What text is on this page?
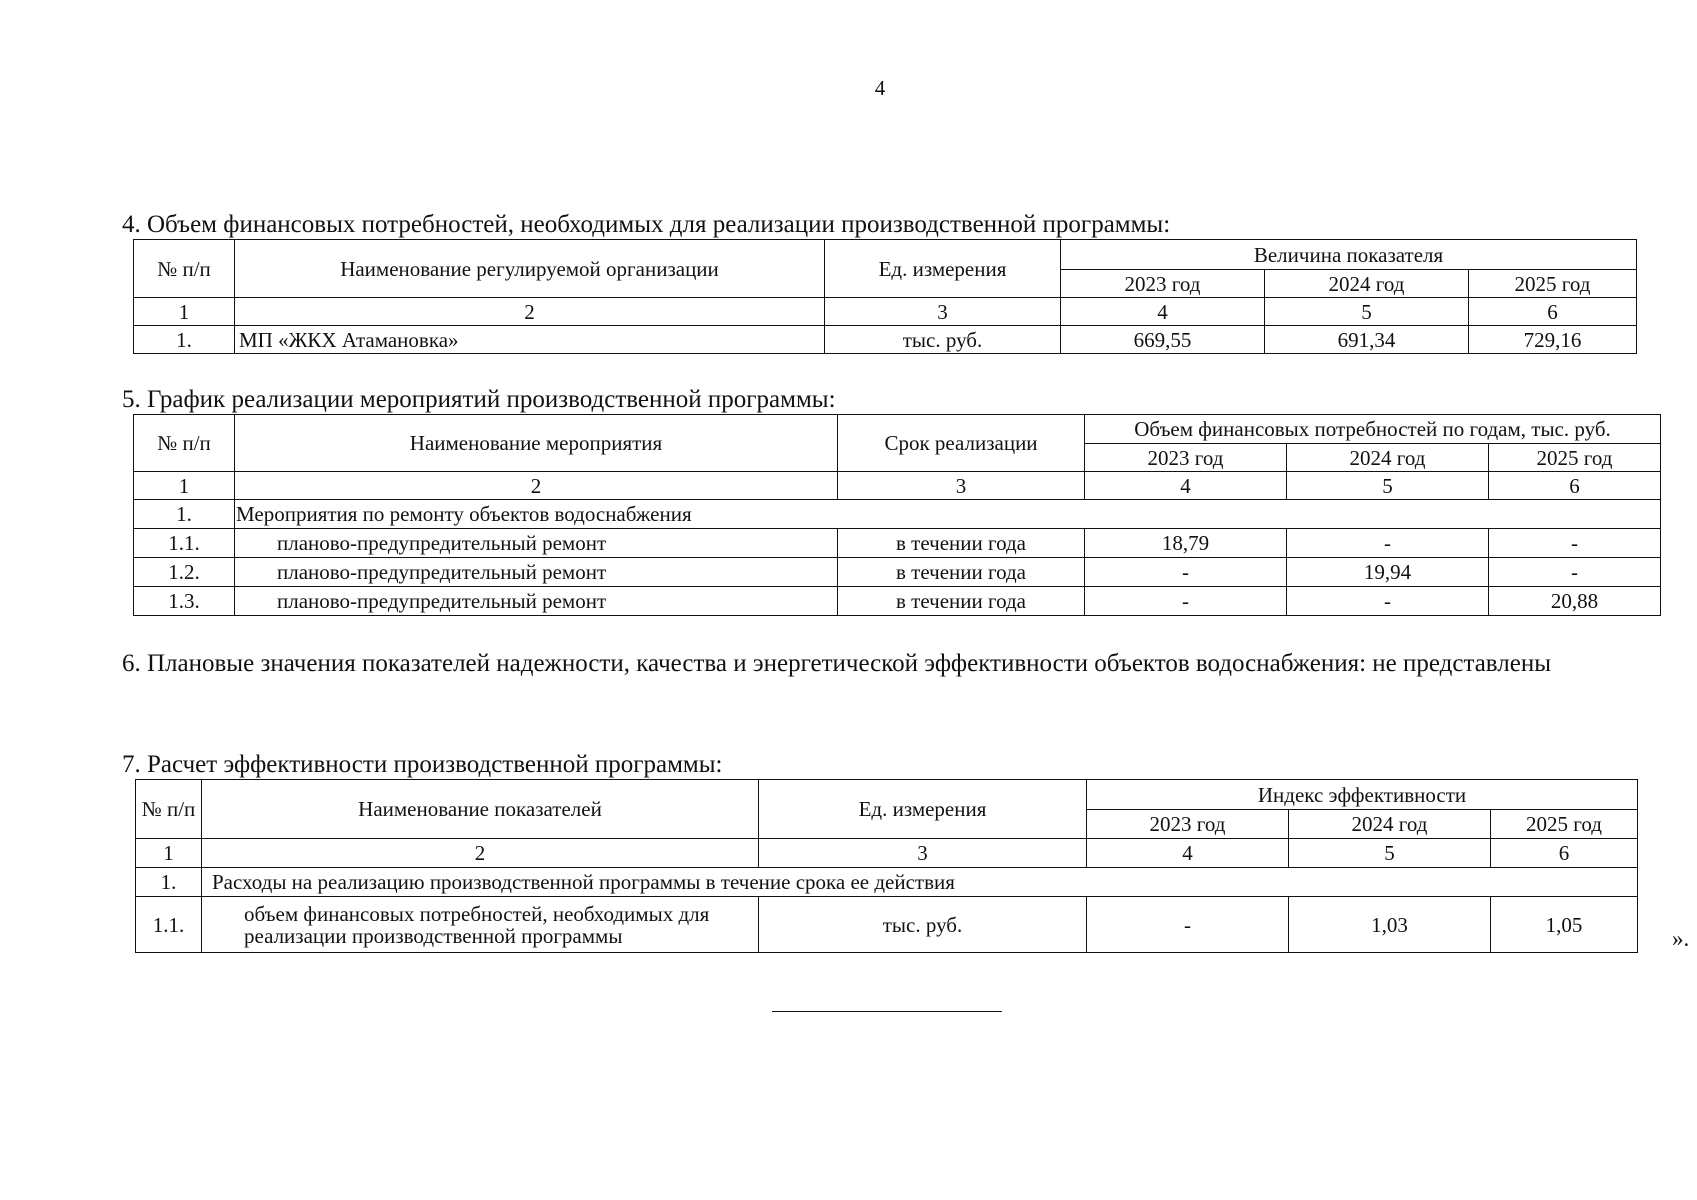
4
4. Объем финансовых потребностей, необходимых для реализации производственной программы:
№ п/п	Наименование регулируемой организации	Ед. измерения	Величина показателя		
			2023 год	2024 год	2025 год
1	2	3	4	5	6
1.	МП «ЖКХ Атамановка»	тыс. руб.	669,55	691,34	729,16
5. График реализации мероприятий производственной программы:
№ п/п	Наименование мероприятия	Срок реализации	Объем финансовых потребностей по годам, тыс. руб.		
			2023 год	2024 год	2025 год
1	2	3	4	5	6
1.	Мероприятия по ремонту объектов водоснабжения				
1.1.	планово-предупредительный ремонт	в течении года	18,79	-	-
1.2.	планово-предупредительный ремонт	в течении года	-	19,94	-
1.3.	планово-предупредительный ремонт	в течении года	-	-	20,88
6. Плановые значения показателей надежности, качества и энергетической эффективности объектов водоснабжения: не представлены
7. Расчет эффективности производственной программы:
№ п/п	Наименование показателей	Ед. измерения	Индекс эффективности		
			2023 год	2024 год	2025 год
1	2	3	4	5	6
1.	Расходы на реализацию производственной программы в течение срока ее действия				
1.1.	объем финансовых потребностей, необходимых для реализации производственной программы	тыс. руб.	-	1,03	1,05
».
